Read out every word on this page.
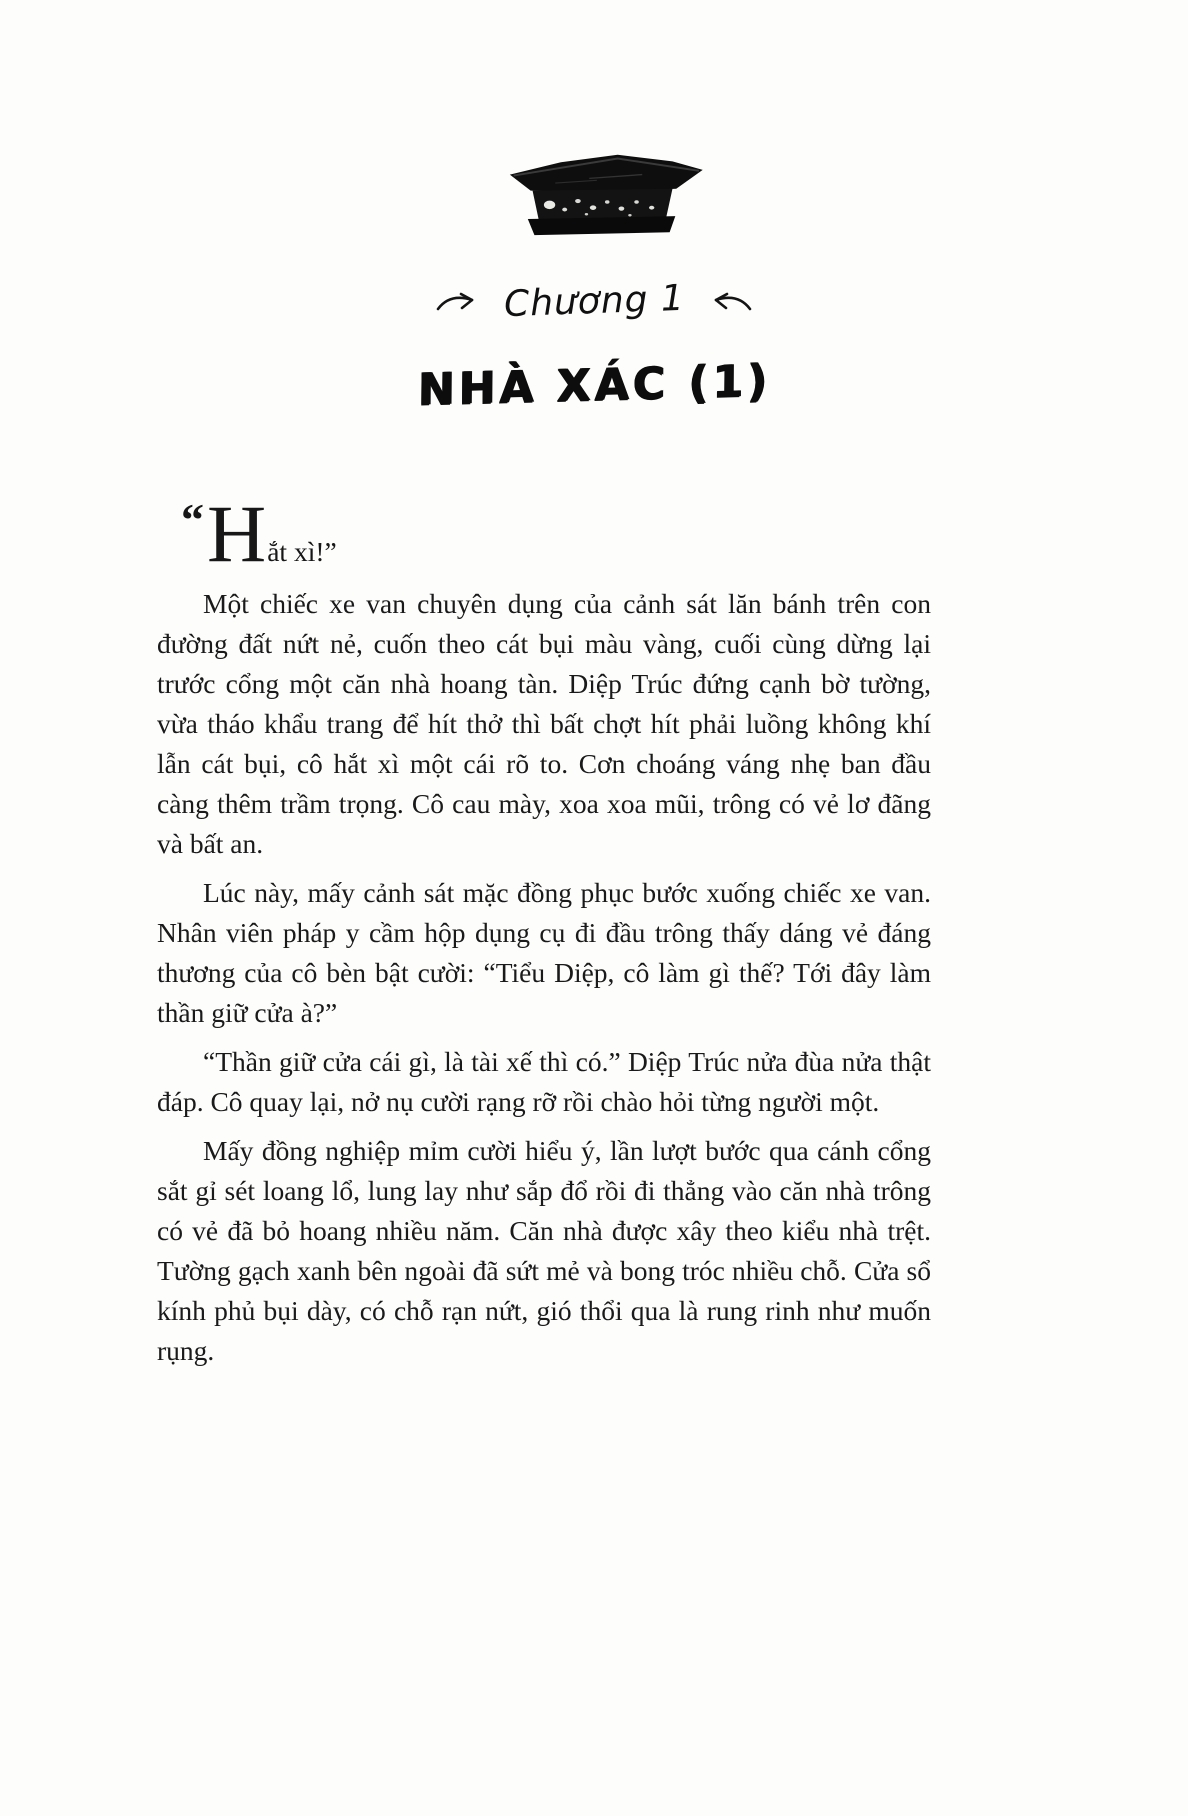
Chương 1
NHÀ XÁC (1)

“Hắt xì!”

Một chiếc xe van chuyên dụng của cảnh sát lăn bánh trên con đường đất nứt nẻ, cuốn theo cát bụi màu vàng, cuối cùng dừng lại trước cổng một căn nhà hoang tàn. Diệp Trúc đứng cạnh bờ tường, vừa tháo khẩu trang để hít thở thì bất chợt hít phải luồng không khí lẫn cát bụi, cô hắt xì một cái rõ to. Cơn choáng váng nhẹ ban đầu càng thêm trầm trọng. Cô cau mày, xoa xoa mũi, trông có vẻ lơ đãng và bất an.

Lúc này, mấy cảnh sát mặc đồng phục bước xuống chiếc xe van. Nhân viên pháp y cầm hộp dụng cụ đi đầu trông thấy dáng vẻ đáng thương của cô bèn bật cười: “Tiểu Diệp, cô làm gì thế? Tới đây làm thần giữ cửa à?”

“Thần giữ cửa cái gì, là tài xế thì có.” Diệp Trúc nửa đùa nửa thật đáp. Cô quay lại, nở nụ cười rạng rỡ rồi chào hỏi từng người một.

Mấy đồng nghiệp mỉm cười hiểu ý, lần lượt bước qua cánh cổng sắt gỉ sét loang lổ, lung lay như sắp đổ rồi đi thẳng vào căn nhà trông có vẻ đã bỏ hoang nhiều năm. Căn nhà được xây theo kiểu nhà trệt. Tường gạch xanh bên ngoài đã sứt mẻ và bong tróc nhiều chỗ. Cửa sổ kính phủ bụi dày, có chỗ rạn nứt, gió thổi qua là rung rinh như muốn rụng.
